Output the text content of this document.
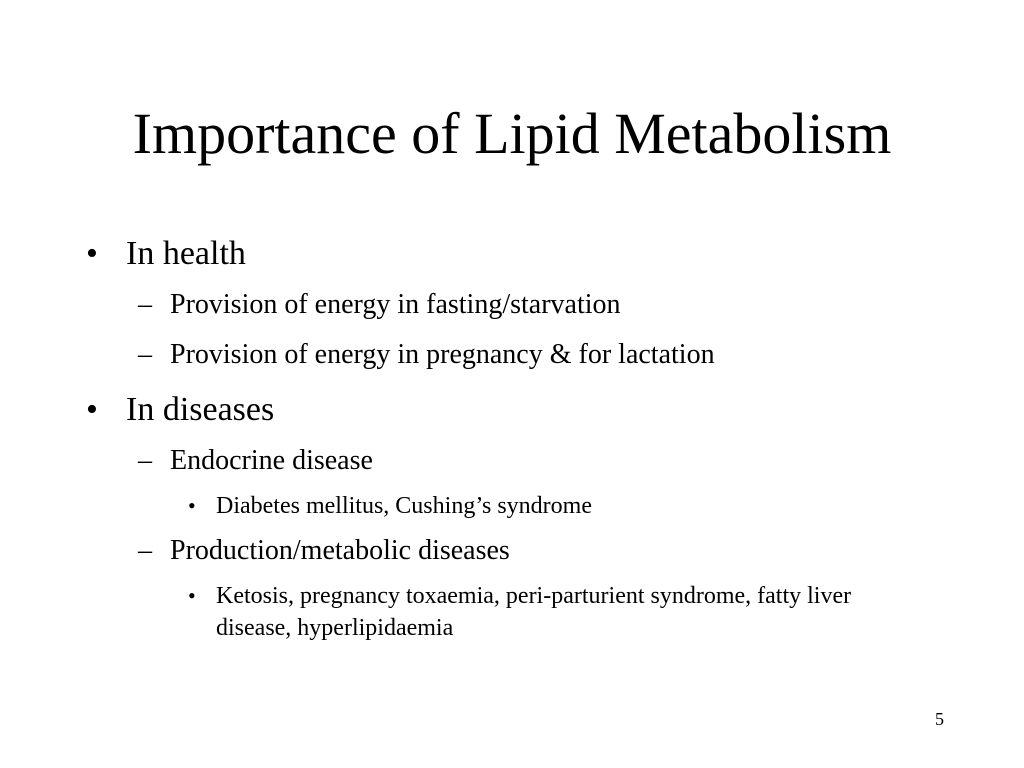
Importance of Lipid Metabolism
• In health
– Provision of energy in fasting/starvation
– Provision of energy in pregnancy & for lactation
• In diseases
– Endocrine disease
• Diabetes mellitus, Cushing’s syndrome
– Production/metabolic diseases
• Ketosis, pregnancy toxaemia, peri-parturient syndrome, fatty liver disease, hyperlipidaemia
5
